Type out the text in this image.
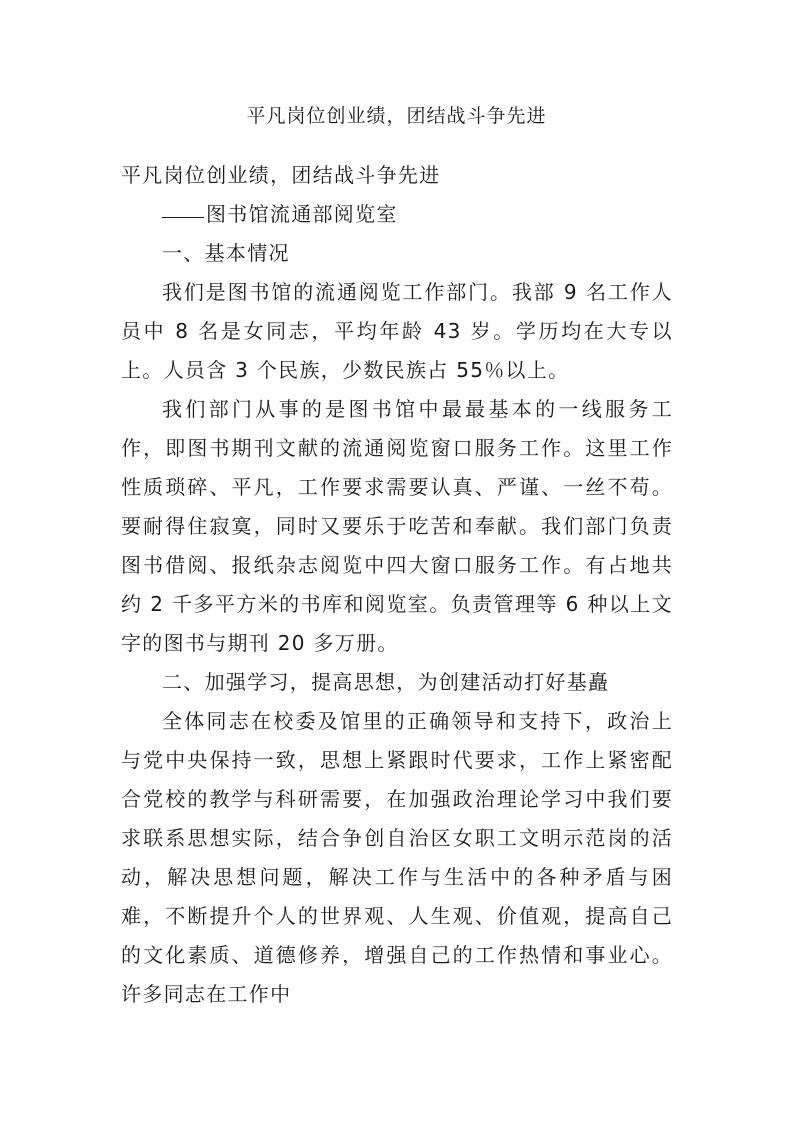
平凡岗位创业绩，团结战斗争先进

平凡岗位创业绩，团结战斗争先进

图书馆流通部阅览室

一、基本情况

我们是图书馆的流通阅览工作部门。我部 9 名工作人员中 8 名是女同志，平均年龄 43 岁。学历均在大专以上。人员含 3 个民族，少数民族占 55％以上。

我们部门从事的是图书馆中最最基本的一线服务工作，即图书期刊文献的流通阅览窗口服务工作。这里工作性质琐碎、平凡，工作要求需要认真、严谨、一丝不苟。要耐得住寂寞，同时又要乐于吃苦和奉献。我们部门负责图书借阅、报纸杂志阅览中四大窗口服务工作。有占地共约 2 千多平方米的书库和阅览室。负责管理等 6 种以上文字的图书与期刊 20 多万册。

二、加强学习，提高思想，为创建活动打好基矗

全体同志在校委及馆里的正确领导和支持下，政治上与党中央保持一致，思想上紧跟时代要求，工作上紧密配合党校的教学与科研需要，在加强政治理论学习中我们要求联系思想实际，结合争创自治区女职工文明示范岗的活动，解决思想问题，解决工作与生活中的各种矛盾与困难，不断提升个人的世界观、人生观、价值观，提高自己的文化素质、道德修养，增强自己的工作热情和事业心。许多同志在工作中
